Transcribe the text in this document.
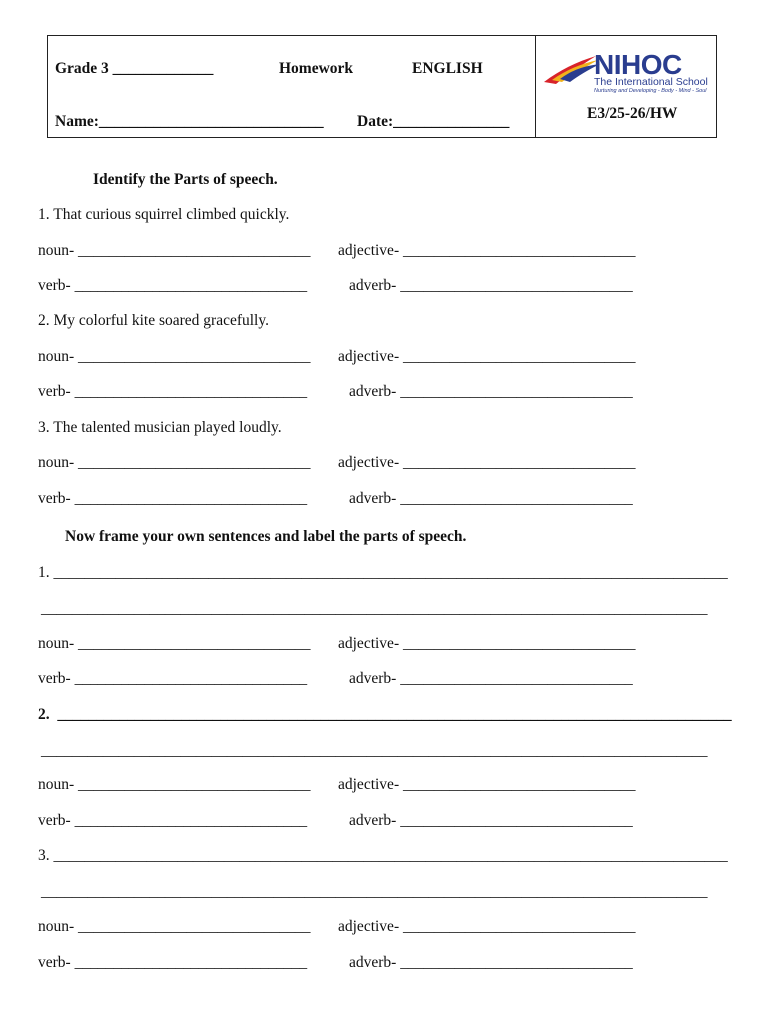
Grade 3 _____________	Homework	ENGLISH
Name:_____________________________ Date:_______________
NIHOC
The International School
Nurturing and Developing - Body - Mind - Soul
E3/25-26/HW
Identify the Parts of speech.
1. That curious squirrel climbed quickly.
noun- ______________________________ adjective- ______________________________
verb- ______________________________	adverb- ______________________________
2. My colorful kite soared gracefully.
noun- ______________________________ adjective- ______________________________
verb- ______________________________	adverb- ______________________________
3. The talented musician played loudly.
noun- ______________________________ adjective- ______________________________
verb- ______________________________	adverb- ______________________________
Now frame your own sentences and label the parts of speech.
1. _______________________________________________________________________________________
______________________________________________________________________________________
noun- ______________________________ adjective- ______________________________
verb- ______________________________	adverb- ______________________________
2.  _______________________________________________________________________________________
______________________________________________________________________________________
noun- ______________________________ adjective- ______________________________
verb- ______________________________	adverb- ______________________________
3. _______________________________________________________________________________________
______________________________________________________________________________________
noun- ______________________________ adjective- ______________________________
verb- ______________________________	adverb- ______________________________
